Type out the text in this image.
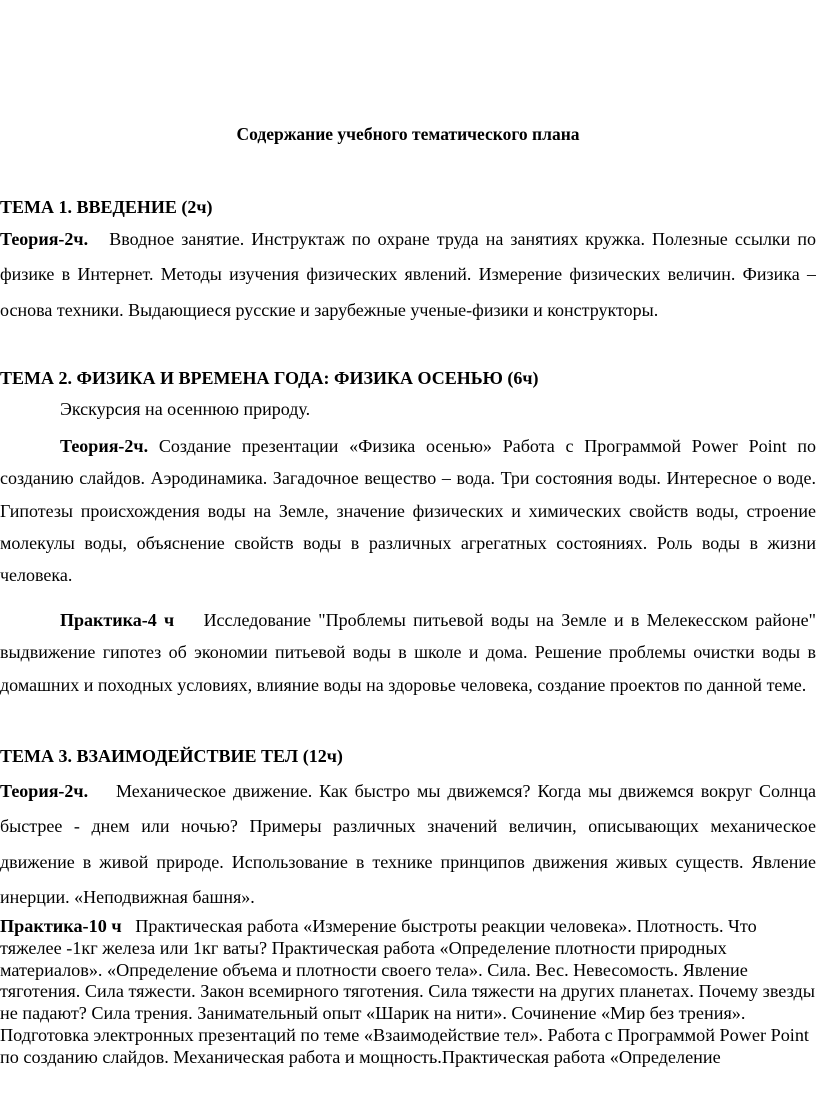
Содержание учебного тематического плана
ТЕМА 1. ВВЕДЕНИЕ (2ч)
Теория-2ч. Вводное занятие. Инструктаж по охране труда на занятиях кружка. Полезные ссылки по физике в Интернет. Методы изучения физических явлений. Измерение физических величин. Физика – основа техники. Выдающиеся русские и зарубежные ученые-физики и конструкторы.
ТЕМА 2. ФИЗИКА И ВРЕМЕНА ГОДА: ФИЗИКА ОСЕНЬЮ (6ч)
Экскурсия на осеннюю природу.
Теория-2ч. Создание презентации «Физика осенью» Работа с Программой Power Point по созданию слайдов. Аэродинамика. Загадочное вещество – вода. Три состояния воды. Интересное о воде. Гипотезы происхождения воды на Земле, значение физических и химических свойств воды, строение молекулы воды, объяснение свойств воды в различных агрегатных состояниях. Роль воды в жизни человека.
Практика-4 ч Исследование "Проблемы питьевой воды на Земле и в Мелекесском районе" выдвижение гипотез об экономии питьевой воды в школе и дома. Решение проблемы очистки воды в домашних и походных условиях, влияние воды на здоровье человека, создание проектов по данной теме.
ТЕМА 3. ВЗАИМОДЕЙСТВИЕ ТЕЛ (12ч)
Теория-2ч. Механическое движение. Как быстро мы движемся? Когда мы движемся вокруг Солнца быстрее - днем или ночью? Примеры различных значений величин, описывающих механическое движение в живой природе. Использование в технике принципов движения живых существ. Явление инерции. «Неподвижная башня».
Практика-10 ч Практическая работа «Измерение быстроты реакции человека». Плотность. Что тяжелее -1кг железа или 1кг ваты? Практическая работа «Определение плотности природных материалов». «Определение объема и плотности своего тела». Сила. Вес. Невесомость. Явление тяготения. Сила тяжести. Закон всемирного тяготения. Сила тяжести на других планетах. Почему звезды не падают? Сила трения. Занимательный опыт «Шарик на нити». Сочинение «Мир без трения». Подготовка электронных презентаций по теме «Взаимодействие тел». Работа с Программой Power Point по созданию слайдов. Механическая работа и мощность.Практическая работа «Определение
